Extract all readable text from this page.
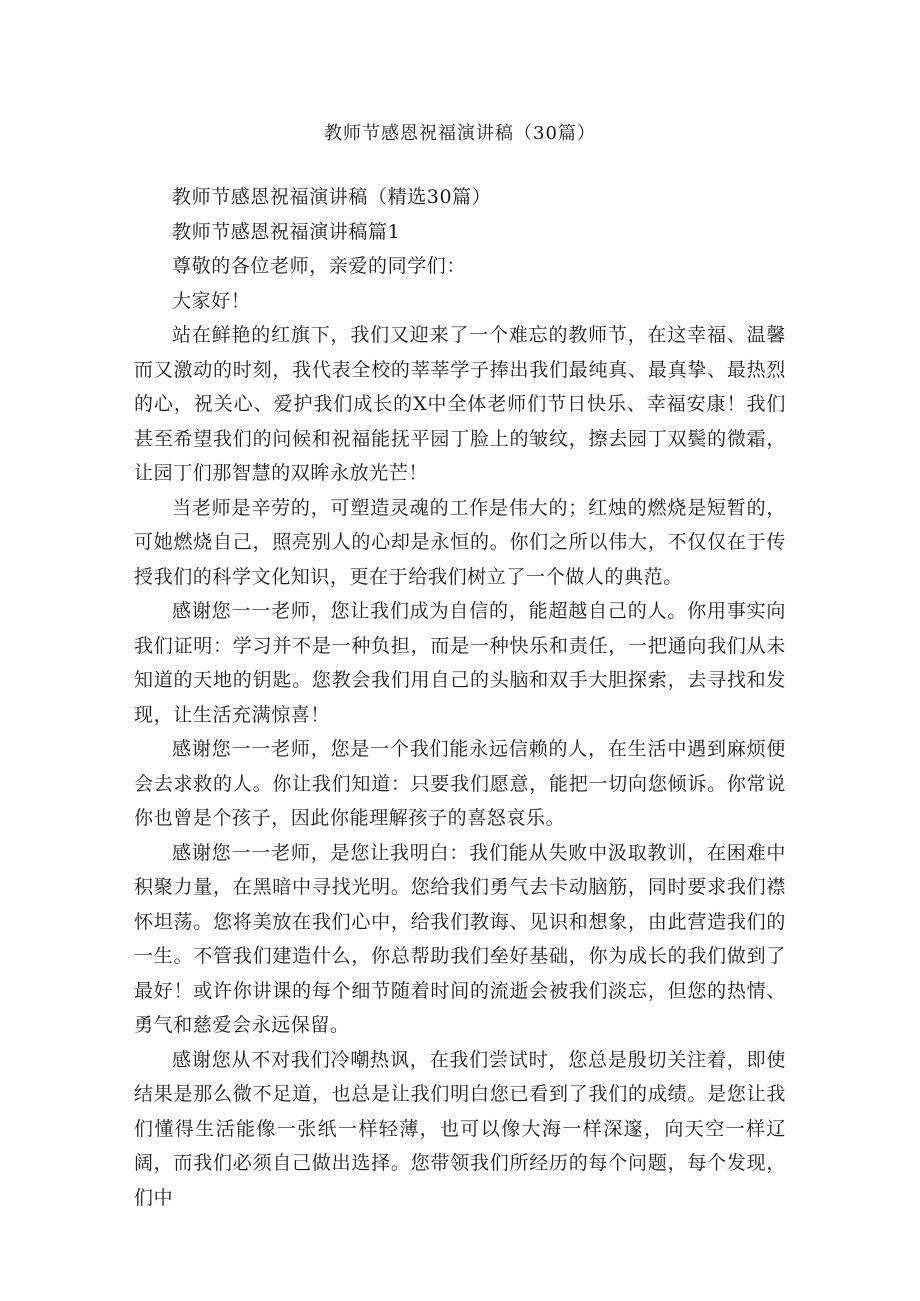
教师节感恩祝福演讲稿（30篇）

教师节感恩祝福演讲稿（精选30篇）

教师节感恩祝福演讲稿篇1

尊敬的各位老师，亲爱的同学们：

大家好！

站在鲜艳的红旗下，我们又迎来了一个难忘的教师节，在这幸福、温馨而又激动的时刻，我代表全校的莘莘学子捧出我们最纯真、最真挚、最热烈的心，祝关心、爱护我们成长的X中全体老师们节日快乐、幸福安康！我们甚至希望我们的问候和祝福能抚平园丁脸上的皱纹，擦去园丁双鬓的微霜，让园丁们那智慧的双眸永放光芒！

当老师是辛劳的，可塑造灵魂的工作是伟大的；红烛的燃烧是短暂的，可她燃烧自己，照亮别人的心却是永恒的。你们之所以伟大，不仅仅在于传授我们的科学文化知识，更在于给我们树立了一个做人的典范。

感谢您一一老师，您让我们成为自信的，能超越自己的人。你用事实向我们证明：学习并不是一种负担，而是一种快乐和责任，一把通向我们从未知道的天地的钥匙。您教会我们用自己的头脑和双手大胆探索，去寻找和发现，让生活充满惊喜！

感谢您一一老师，您是一个我们能永远信赖的人，在生活中遇到麻烦便会去求救的人。你让我们知道：只要我们愿意，能把一切向您倾诉。你常说你也曾是个孩子，因此你能理解孩子的喜怒哀乐。

感谢您一一老师，是您让我明白：我们能从失败中汲取教训，在困难中积聚力量，在黑暗中寻找光明。您给我们勇气去卡动脑筋，同时要求我们襟怀坦荡。您将美放在我们心中，给我们教诲、见识和想象，由此营造我们的一生。不管我们建造什么，你总帮助我们垒好基础，你为成长的我们做到了最好！或许你讲课的每个细节随着时间的流逝会被我们淡忘，但您的热情、勇气和慈爱会永远保留。

感谢您从不对我们冷嘲热讽，在我们尝试时，您总是殷切关注着，即使结果是那么微不足道，也总是让我们明白您已看到了我们的成绩。是您让我们懂得生活能像一张纸一样轻薄，也可以像大海一样深邃，向天空一样辽阔，而我们必须自己做出选择。您带领我们所经历的每个问题，每个发现，们中
